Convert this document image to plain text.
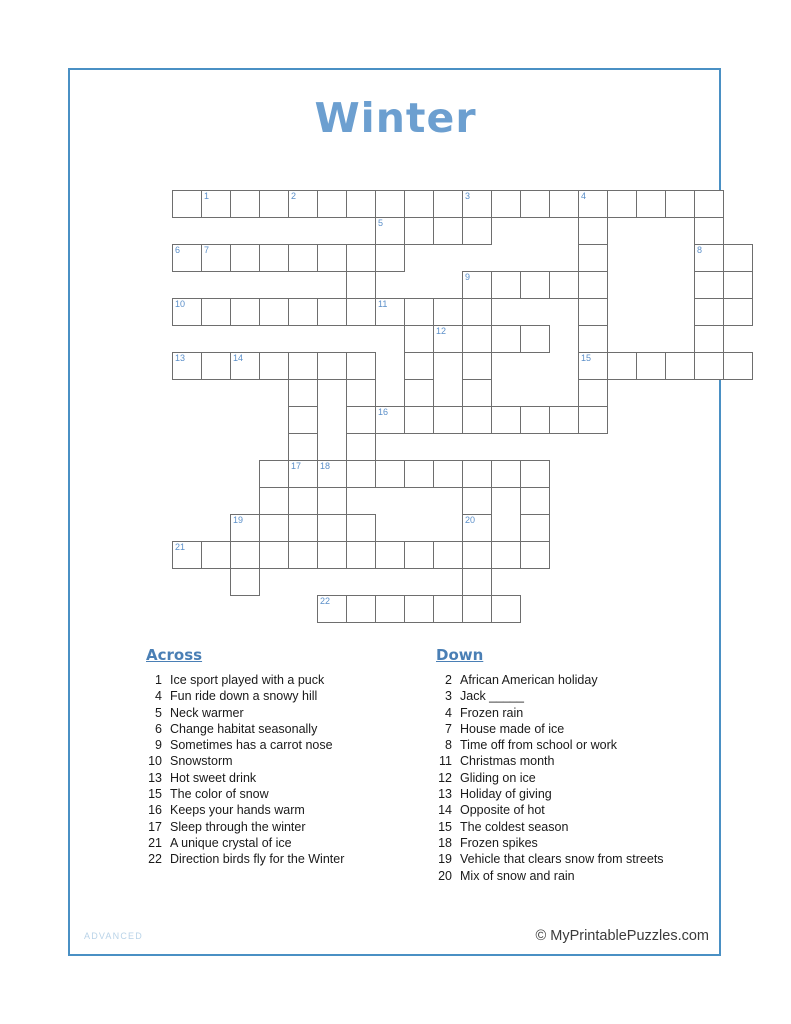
Winter

	1			2						3				4					

							5												

6	7																	8	

										9									

10							11												

									12										

13		14												15					

							16												

				17	18														

		19								20									

21																			

					22														

Across
1 Ice sport played with a puck
4 Fun ride down a snowy hill
5 Neck warmer
6 Change habitat seasonally
9 Sometimes has a carrot nose
10 Snowstorm
13 Hot sweet drink
15 The color of snow
16 Keeps your hands warm
17 Sleep through the winter
21 A unique crystal of ice
22 Direction birds fly for the Winter
Down
2 African American holiday
3 Jack _____
4 Frozen rain
7 House made of ice
8 Time off from school or work
11 Christmas month
12 Gliding on ice
13 Holiday of giving
14 Opposite of hot
15 The coldest season
18 Frozen spikes
19 Vehicle that clears snow from streets
20 Mix of snow and rain
ADVANCED	© MyPrintablePuzzles.com
